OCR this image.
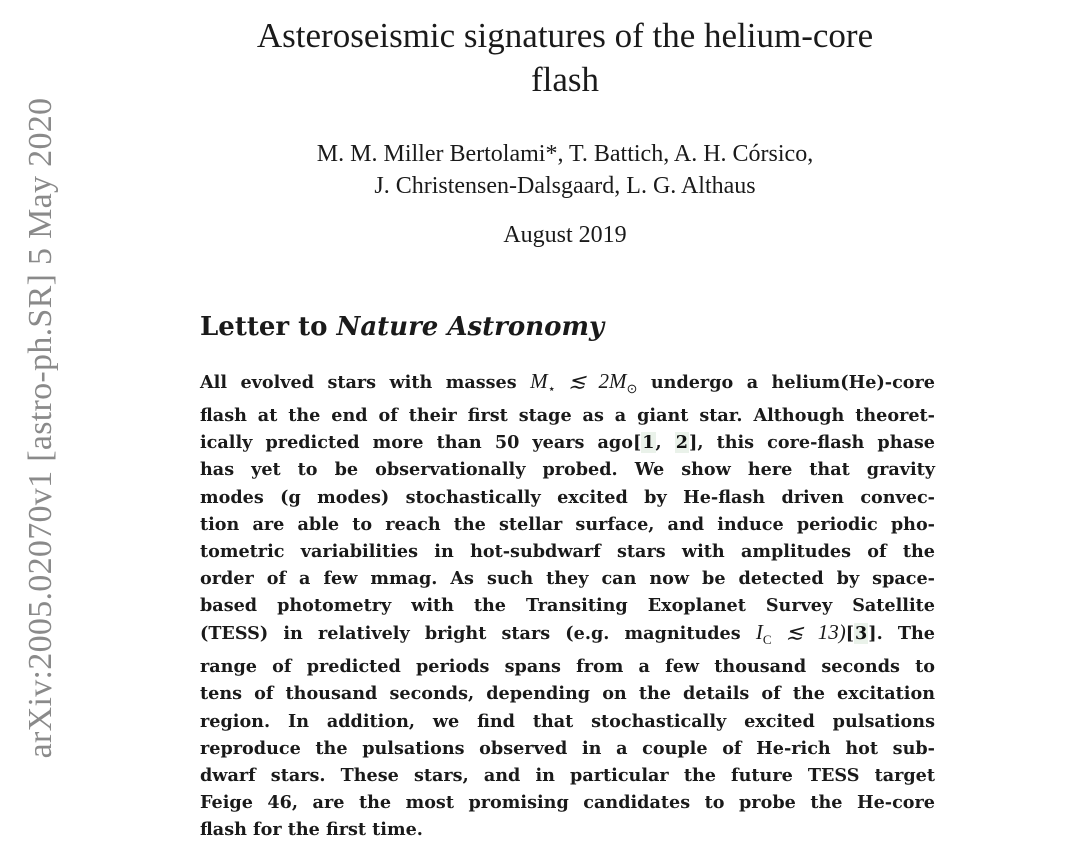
arXiv:2005.02070v1 [astro-ph.SR] 5 May 2020
Asteroseismic signatures of the helium-core
flash
M. M. Miller Bertolami*, T. Battich, A. H. Córsico,
J. Christensen-Dalsgaard, L. G. Althaus
August 2019
Letter to Nature Astronomy
All evolved stars with masses $M_⋆$ ≲ $2M_⊙$ undergo a helium(He)-core
flash at the end of their first stage as a giant star. Although theoret-
ically predicted more than 50 years ago[1, 2], this core-flash phase
has yet to be observationally probed. We show here that gravity
modes (g modes) stochastically excited by He-flash driven convec-
tion are able to reach the stellar surface, and induce periodic pho-
tometric variabilities in hot-subdwarf stars with amplitudes of the
order of a few mmag. As such they can now be detected by space-
based photometry with the Transiting Exoplanet Survey Satellite
(TESS) in relatively bright stars (e.g. magnitudes $I_C$ ≲ 13)[3]. The
range of predicted periods spans from a few thousand seconds to
tens of thousand seconds, depending on the details of the excitation
region. In addition, we find that stochastically excited pulsations
reproduce the pulsations observed in a couple of He-rich hot sub-
dwarf stars. These stars, and in particular the future TESS target
Feige 46, are the most promising candidates to probe the He-core
flash for the first time.
